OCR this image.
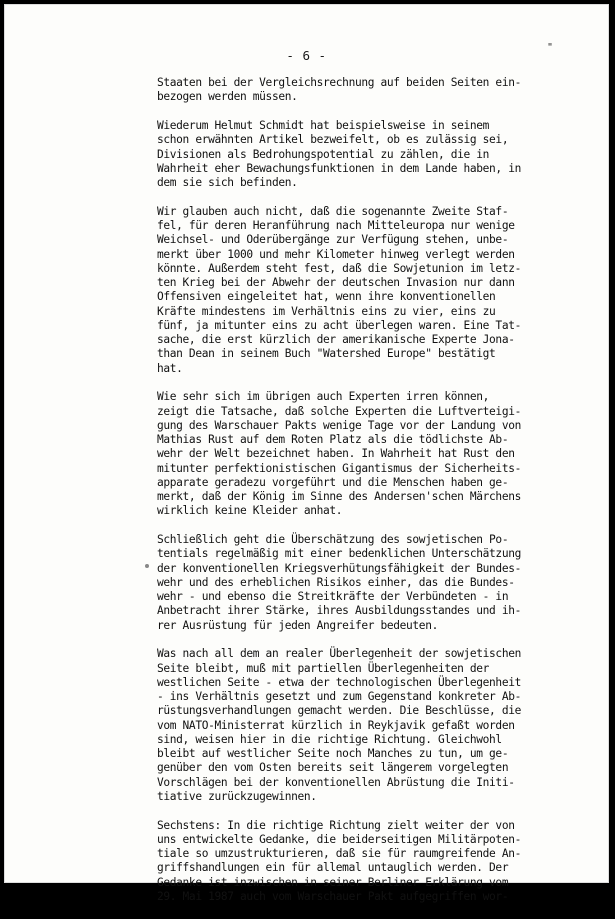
- 6 -
"
Staaten bei der Vergleichsrechnung auf beiden Seiten ein-
bezogen werden müssen.
Wiederum Helmut Schmidt hat beispielsweise in seinem
schon erwähnten Artikel bezweifelt, ob es zulässig sei,
Divisionen als Bedrohungspotential zu zählen, die in
Wahrheit eher Bewachungsfunktionen in dem Lande haben, in
dem sie sich befinden.
Wir glauben auch nicht, daß die sogenannte Zweite Staf-
fel, für deren Heranführung nach Mitteleuropa nur wenige
Weichsel- und Oderübergänge zur Verfügung stehen, unbe-
merkt über 1000 und mehr Kilometer hinweg verlegt werden
könnte. Außerdem steht fest, daß die Sowjetunion im letz-
ten Krieg bei der Abwehr der deutschen Invasion nur dann
Offensiven eingeleitet hat, wenn ihre konventionellen
Kräfte mindestens im Verhältnis eins zu vier, eins zu
fünf, ja mitunter eins zu acht überlegen waren. Eine Tat-
sache, die erst kürzlich der amerikanische Experte Jona-
than Dean in seinem Buch "Watershed Europe" bestätigt
hat.
Wie sehr sich im übrigen auch Experten irren können,
zeigt die Tatsache, daß solche Experten die Luftverteigi-
gung des Warschauer Pakts wenige Tage vor der Landung von
Mathias Rust auf dem Roten Platz als die tödlichste Ab-
wehr der Welt bezeichnet haben. In Wahrheit hat Rust den
mitunter perfektionistischen Gigantismus der Sicherheits-
apparate geradezu vorgeführt und die Menschen haben ge-
merkt, daß der König im Sinne des Andersen'schen Märchens
wirklich keine Kleider anhat.
Schließlich geht die Überschätzung des sowjetischen Po-
tentials regelmäßig mit einer bedenklichen Unterschätzung
der konventionellen Kriegsverhütungsfähigkeit der Bundes-
wehr und des erheblichen Risikos einher, das die Bundes-
wehr - und ebenso die Streitkräfte der Verbündeten - in
Anbetracht ihrer Stärke, ihres Ausbildungsstandes und ih-
rer Ausrüstung für jeden Angreifer bedeuten.
Was nach all dem an realer Überlegenheit der sowjetischen
Seite bleibt, muß mit partiellen Überlegenheiten der
westlichen Seite - etwa der technologischen Überlegenheit
- ins Verhältnis gesetzt und zum Gegenstand konkreter Ab-
rüstungsverhandlungen gemacht werden. Die Beschlüsse, die
vom NATO-Ministerrat kürzlich in Reykjavik gefaßt worden
sind, weisen hier in die richtige Richtung. Gleichwohl
bleibt auf westlicher Seite noch Manches zu tun, um ge-
genüber den vom Osten bereits seit längerem vorgelegten
Vorschlägen bei der konventionellen Abrüstung die Initi-
tiative zurückzugewinnen.
Sechstens: In die richtige Richtung zielt weiter der von
uns entwickelte Gedanke, die beiderseitigen Militärpoten-
tiale so umzustrukturieren, daß sie für raumgreifende An-
griffshandlungen ein für allemal untauglich werden. Der
Gedanke ist inzwischen in seiner Berliner Erklärung vom
29. Mai 1987 auch vom Warschauer Pakt aufgegriffen wor-
